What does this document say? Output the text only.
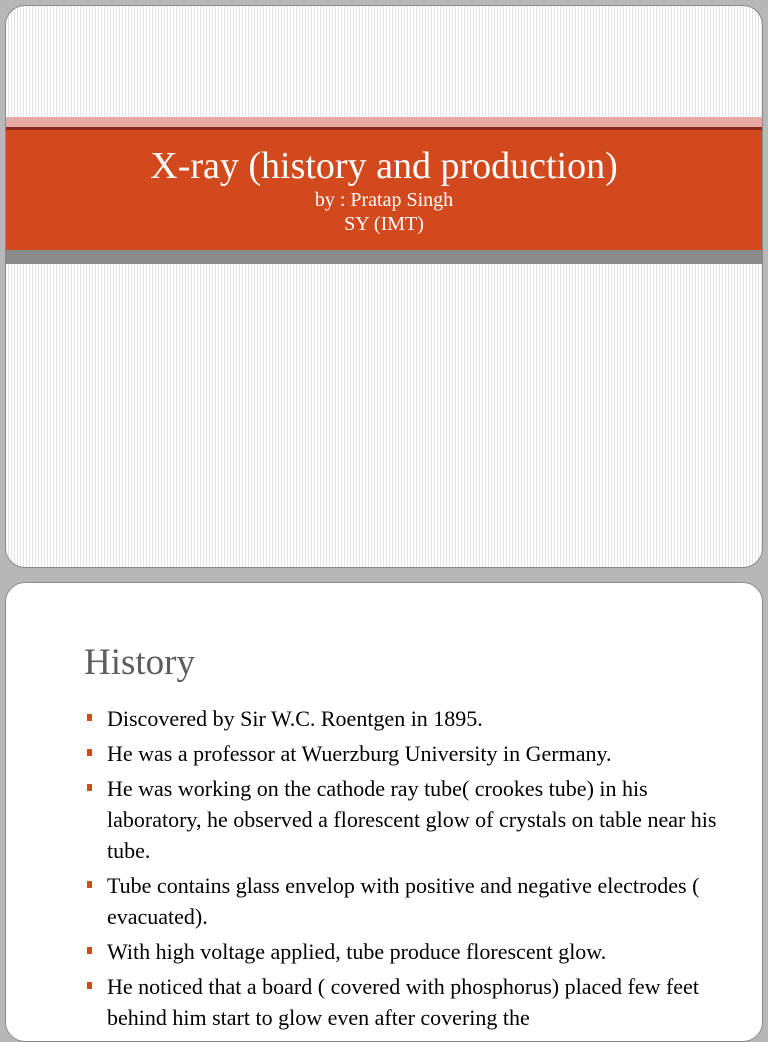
X-ray (history and production)

by : Pratap Singh

SY (IMT)

History
Discovered by Sir W.C. Roentgen in 1895.
He was a professor at Wuerzburg University in Germany.
He was working on the cathode ray tube( crookes tube) in his laboratory, he observed a florescent glow of crystals on table near his tube.
Tube contains glass envelop with positive and negative electrodes ( evacuated).
With high voltage applied, tube produce florescent glow.
He noticed that a board ( covered with phosphorus) placed few feet behind him start to glow even after covering the
